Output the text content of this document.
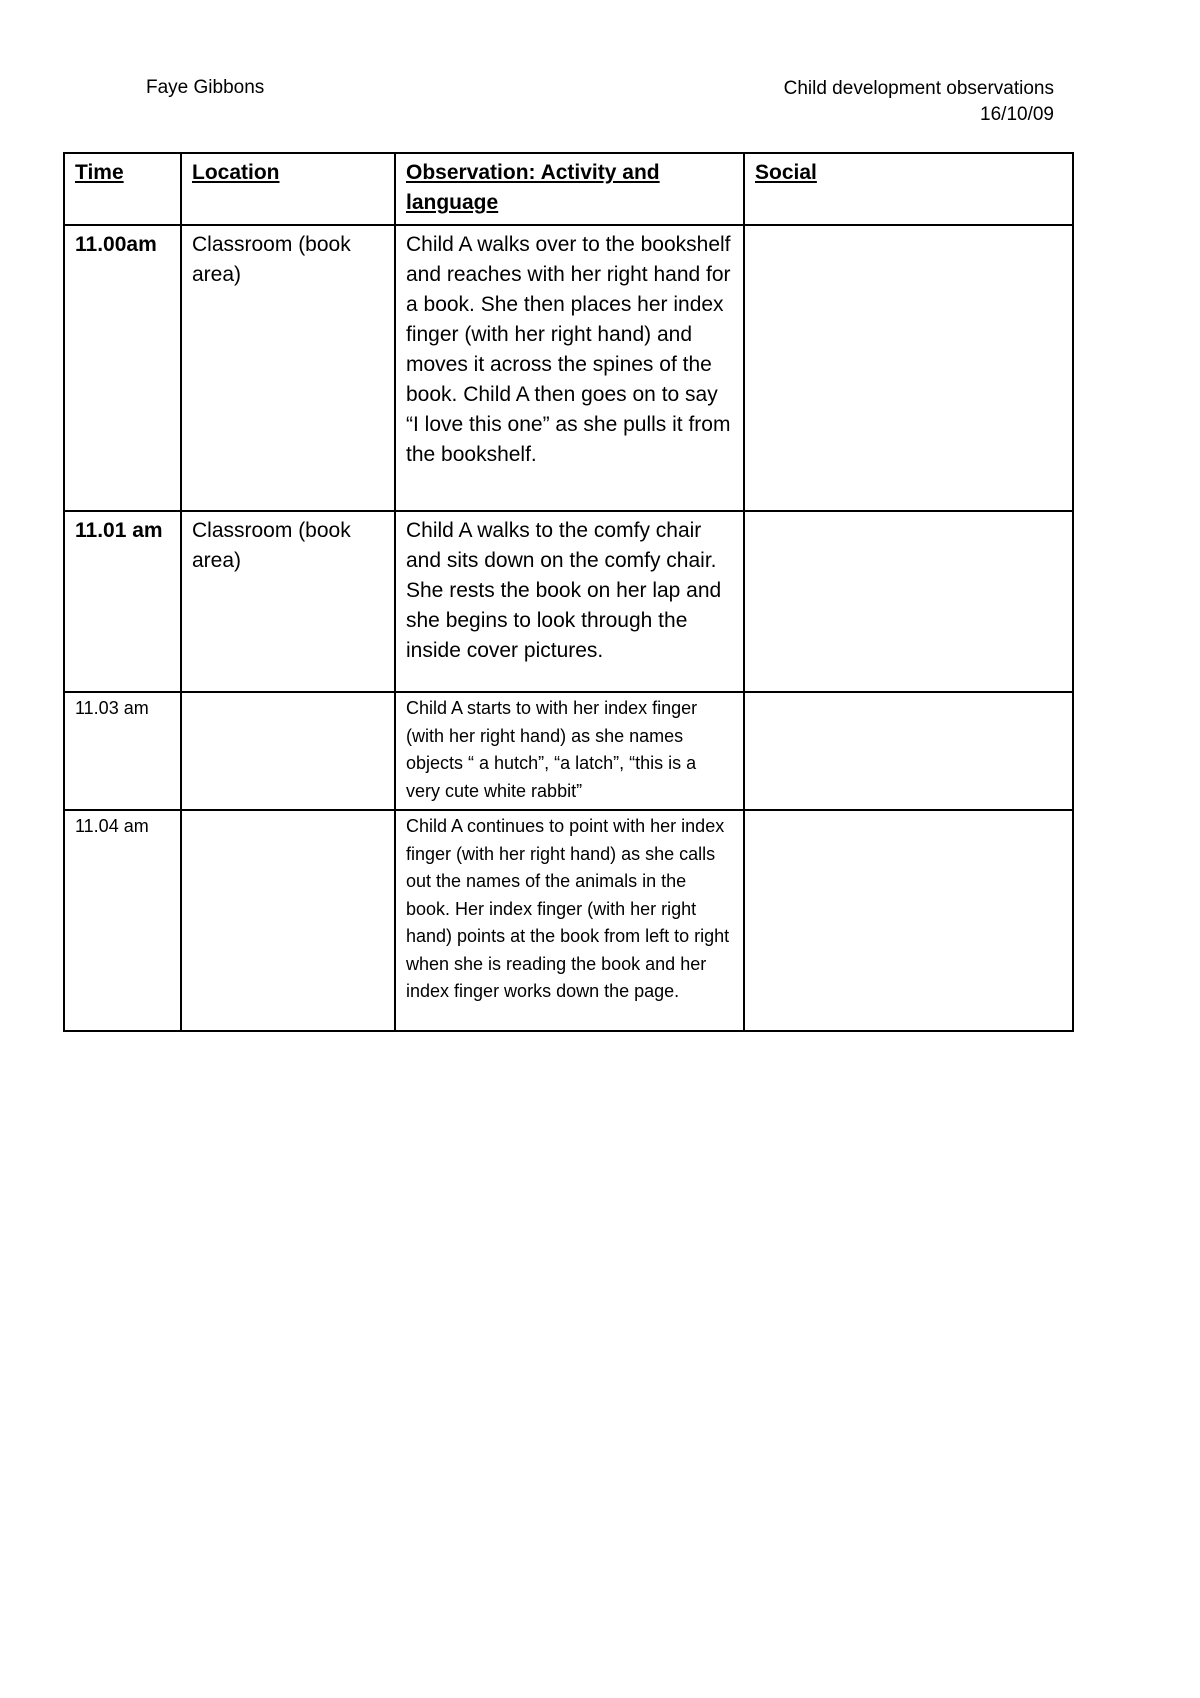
Faye Gibbons	Child development observations
16/10/09
Time	Location	Observation: Activity and language	Social
11.00am	Classroom (book area)	Child A walks over to the bookshelf and reaches with her right hand for a book. She then places her index finger (with her right hand) and moves it across the spines of the book. Child A then goes on to say “I love this one” as she pulls it from the bookshelf.	
11.01 am	Classroom (book area)	Child A walks to the comfy chair and sits down on the comfy chair. She rests the book on her lap and she begins to look through the inside cover pictures.	
11.03 am		Child A starts to with her index finger (with her right hand) as she names objects “ a hutch”, “a latch”, “this is a very cute white rabbit”	
11.04 am		Child A continues to point with her index finger (with her right hand) as she calls out the names of the animals in the book. Her index finger (with her right hand) points at the book from left to right when she is reading the book and her index finger works down the page.	
